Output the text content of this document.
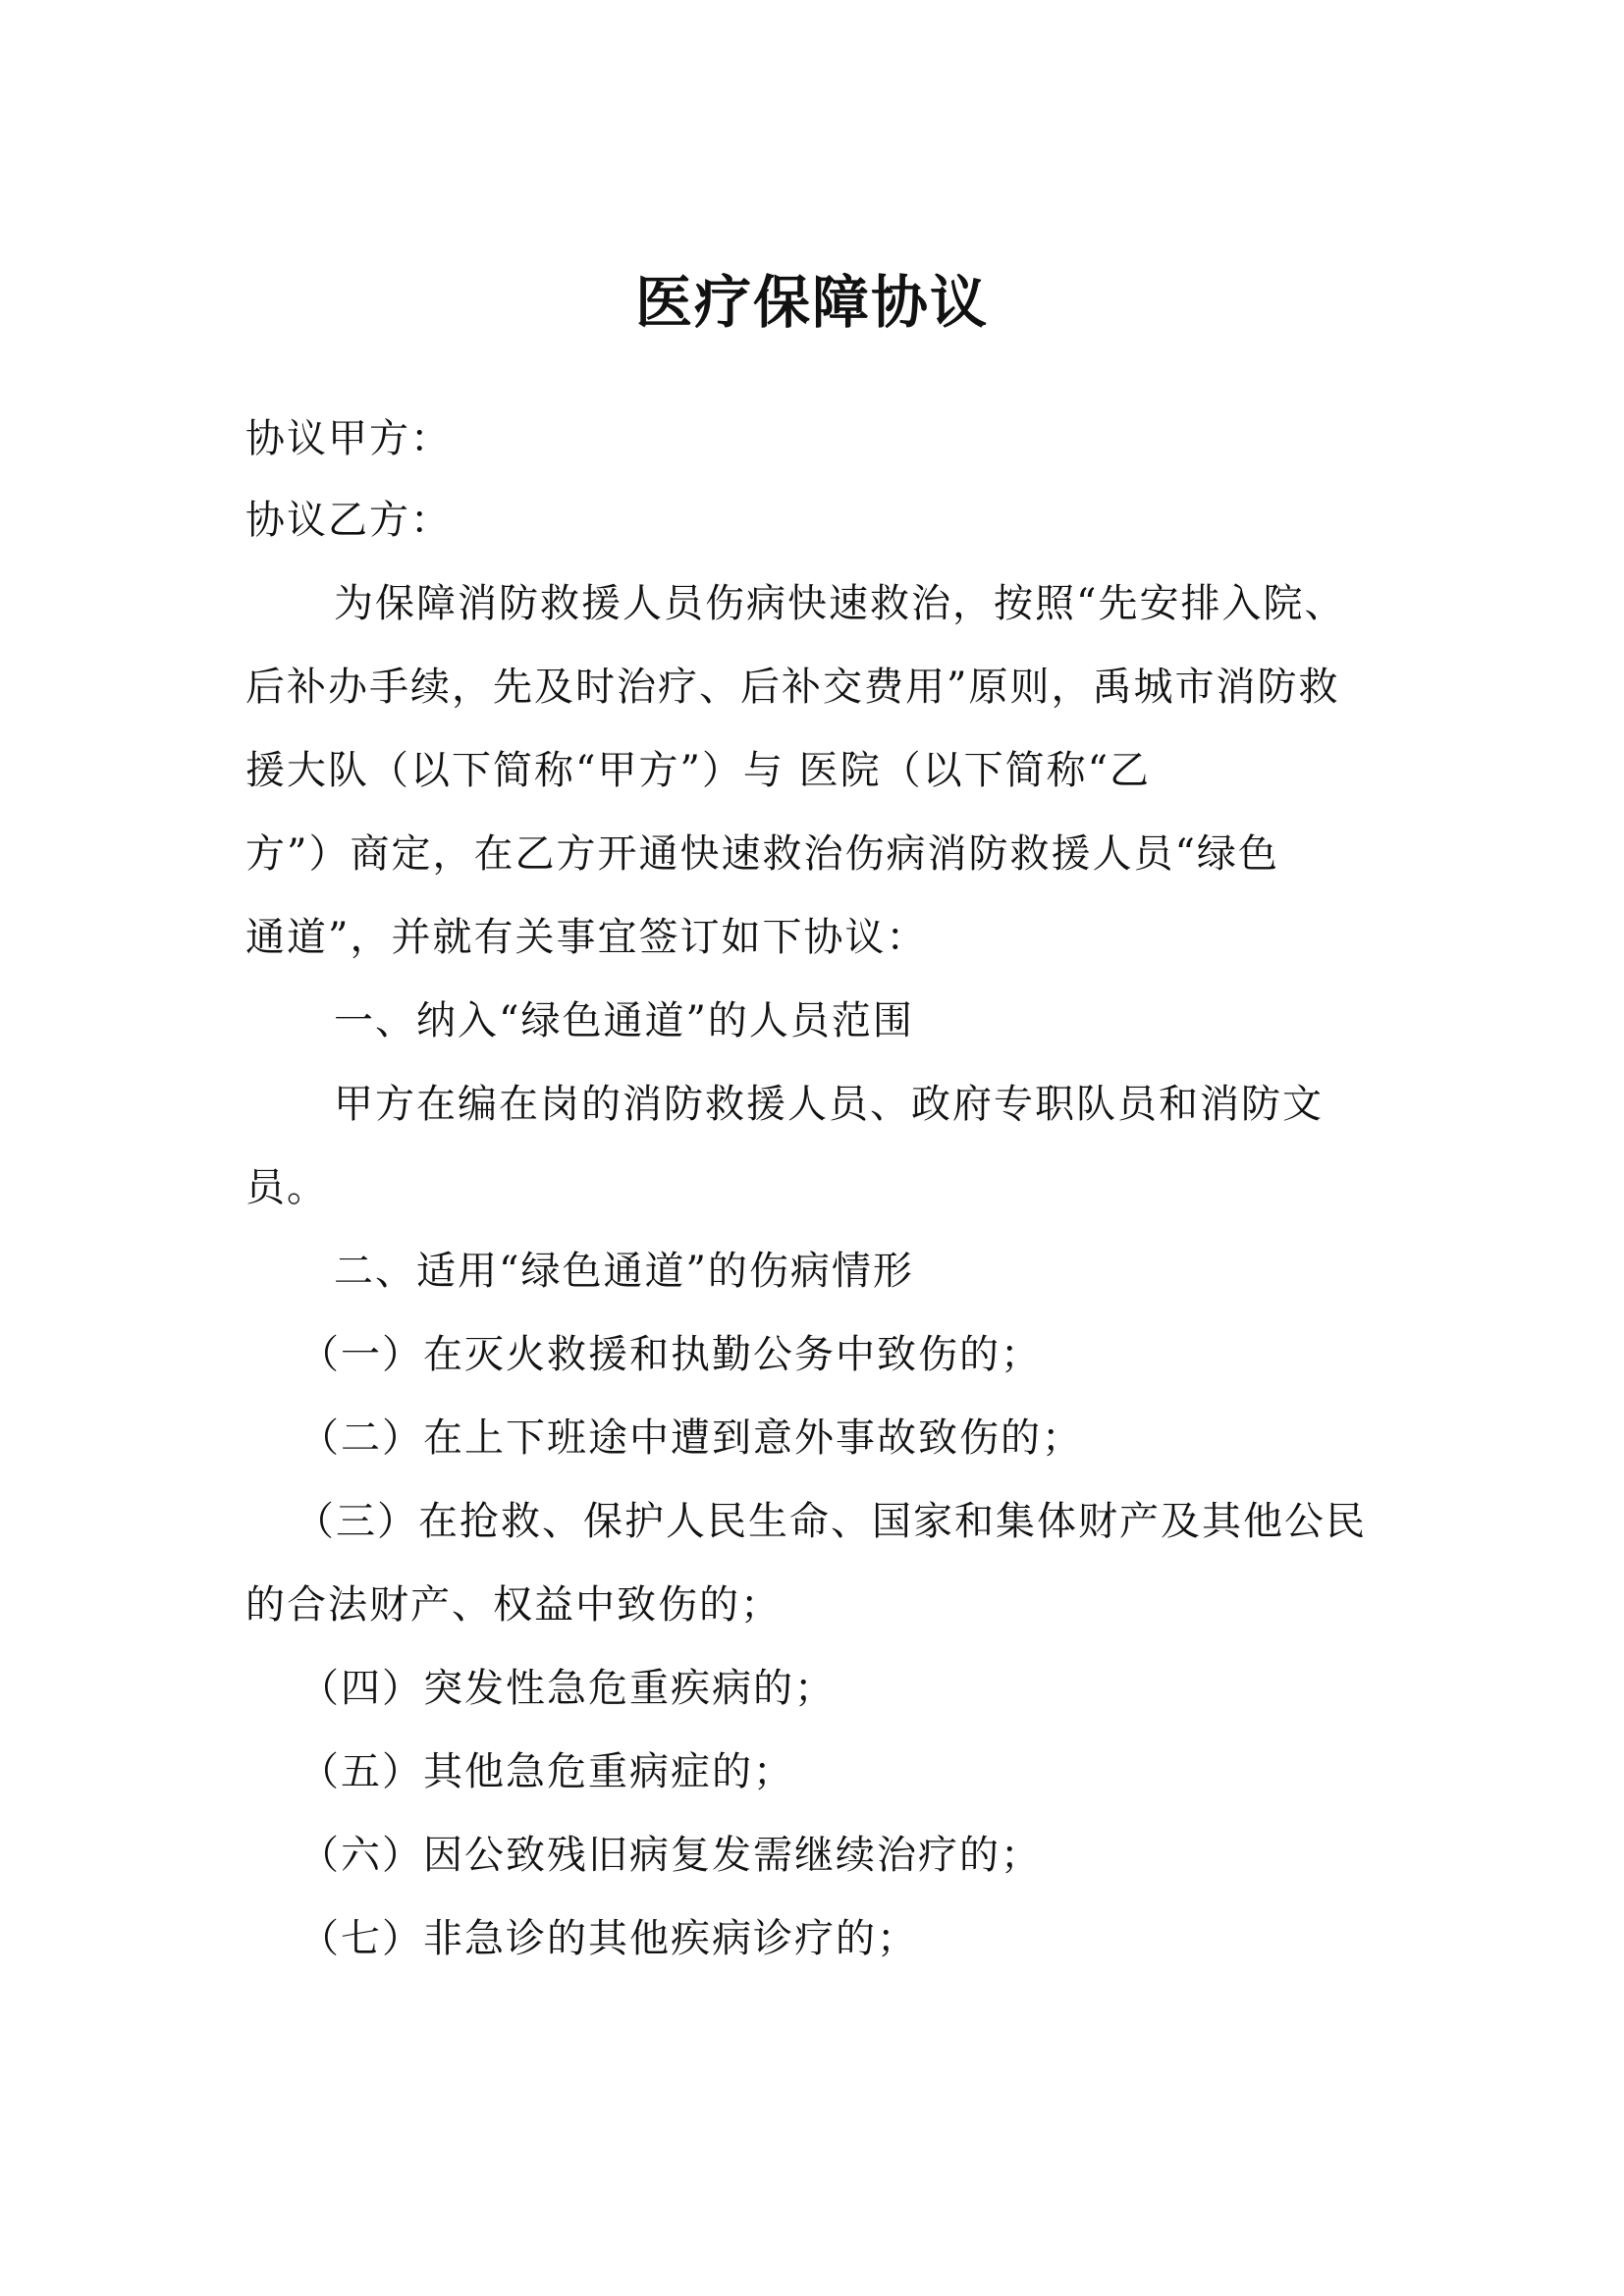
医疗保障协议
协议甲方：
协议乙方：
为保障消防救援人员伤病快速救治，按照“先安排入院、
后补办手续，先及时治疗、后补交费用”原则，禹城市消防救
援大队（以下简称“甲方”）与 医院（以下简称“乙
方”）商定，在乙方开通快速救治伤病消防救援人员“绿色
通道”，并就有关事宜签订如下协议：
一、纳入“绿色通道”的人员范围
甲方在编在岗的消防救援人员、政府专职队员和消防文
员。
二、适用“绿色通道”的伤病情形
（一）在灭火救援和执勤公务中致伤的；
（二）在上下班途中遭到意外事故致伤的；
（三）在抢救、保护人民生命、国家和集体财产及其他公民
的合法财产、权益中致伤的；
（四）突发性急危重疾病的；
（五）其他急危重病症的；
（六）因公致残旧病复发需继续治疗的；
（七）非急诊的其他疾病诊疗的；
